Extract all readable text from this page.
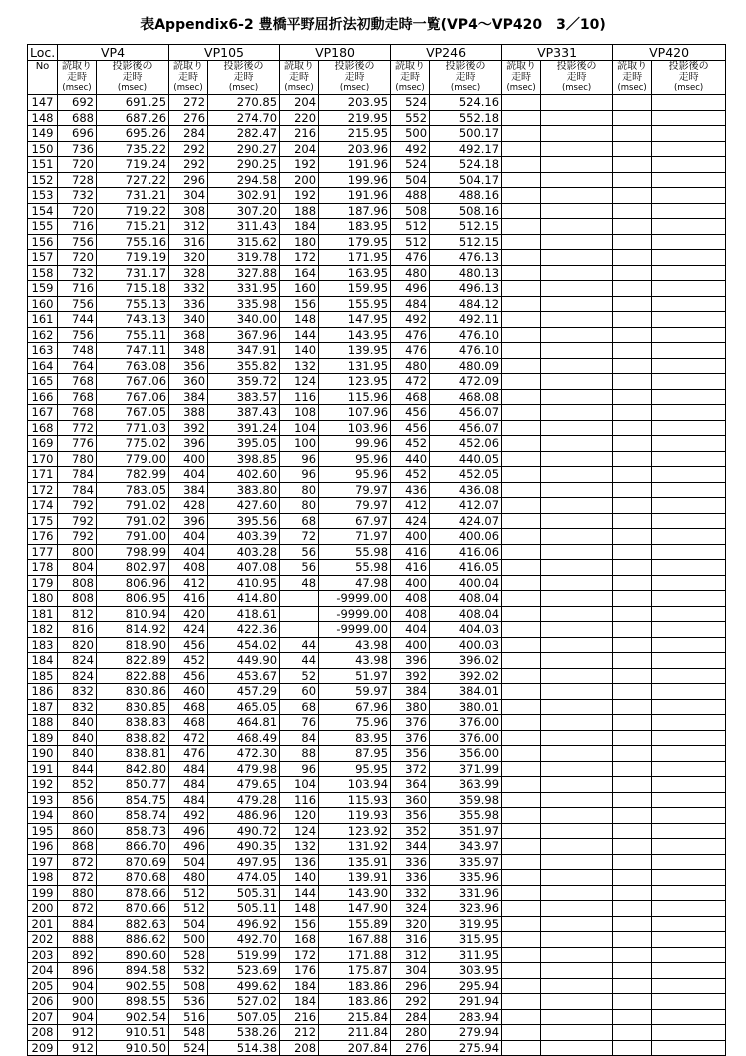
表Appendix6-2 豊橋平野屈折法初動走時一覧(VP4～VP420　3／10)
Loc.	VP4		VP105		VP180		VP246		VP331		VP420	
No	読取り	投影後の	読取り	投影後の	読取り	投影後の	読取り	投影後の	読取り	投影後の	読取り	投影後の
	走時	走時	走時	走時	走時	走時	走時	走時	走時	走時	走時	走時
	(msec)	(msec)	(msec)	(msec)	(msec)	(msec)	(msec)	(msec)	(msec)	(msec)	(msec)	(msec)
147	692	691.25	272	270.85	204	203.95	524	524.16				
148	688	687.26	276	274.70	220	219.95	552	552.18				
149	696	695.26	284	282.47	216	215.95	500	500.17				
150	736	735.22	292	290.27	204	203.96	492	492.17				
151	720	719.24	292	290.25	192	191.96	524	524.18				
152	728	727.22	296	294.58	200	199.96	504	504.17				
153	732	731.21	304	302.91	192	191.96	488	488.16				
154	720	719.22	308	307.20	188	187.96	508	508.16				
155	716	715.21	312	311.43	184	183.95	512	512.15				
156	756	755.16	316	315.62	180	179.95	512	512.15				
157	720	719.19	320	319.78	172	171.95	476	476.13				
158	732	731.17	328	327.88	164	163.95	480	480.13				
159	716	715.18	332	331.95	160	159.95	496	496.13				
160	756	755.13	336	335.98	156	155.95	484	484.12				
161	744	743.13	340	340.00	148	147.95	492	492.11				
162	756	755.11	368	367.96	144	143.95	476	476.10				
163	748	747.11	348	347.91	140	139.95	476	476.10				
164	764	763.08	356	355.82	132	131.95	480	480.09				
165	768	767.06	360	359.72	124	123.95	472	472.09				
166	768	767.06	384	383.57	116	115.96	468	468.08				
167	768	767.05	388	387.43	108	107.96	456	456.07				
168	772	771.03	392	391.24	104	103.96	456	456.07				
169	776	775.02	396	395.05	100	99.96	452	452.06				
170	780	779.00	400	398.85	96	95.96	440	440.05				
171	784	782.99	404	402.60	96	95.96	452	452.05				
172	784	783.05	384	383.80	80	79.97	436	436.08				
174	792	791.02	428	427.60	80	79.97	412	412.07				
175	792	791.02	396	395.56	68	67.97	424	424.07				
176	792	791.00	404	403.39	72	71.97	400	400.06				
177	800	798.99	404	403.28	56	55.98	416	416.06				
178	804	802.97	408	407.08	56	55.98	416	416.05				
179	808	806.96	412	410.95	48	47.98	400	400.04				
180	808	806.95	416	414.80		-9999.00	408	408.04				
181	812	810.94	420	418.61		-9999.00	408	408.04				
182	816	814.92	424	422.36		-9999.00	404	404.03				
183	820	818.90	456	454.02	44	43.98	400	400.03				
184	824	822.89	452	449.90	44	43.98	396	396.02				
185	824	822.88	456	453.67	52	51.97	392	392.02				
186	832	830.86	460	457.29	60	59.97	384	384.01				
187	832	830.85	468	465.05	68	67.96	380	380.01				
188	840	838.83	468	464.81	76	75.96	376	376.00				
189	840	838.82	472	468.49	84	83.95	376	376.00				
190	840	838.81	476	472.30	88	87.95	356	356.00				
191	844	842.80	484	479.98	96	95.95	372	371.99				
192	852	850.77	484	479.65	104	103.94	364	363.99				
193	856	854.75	484	479.28	116	115.93	360	359.98				
194	860	858.74	492	486.96	120	119.93	356	355.98				
195	860	858.73	496	490.72	124	123.92	352	351.97				
196	868	866.70	496	490.35	132	131.92	344	343.97				
197	872	870.69	504	497.95	136	135.91	336	335.97				
198	872	870.68	480	474.05	140	139.91	336	335.96				
199	880	878.66	512	505.31	144	143.90	332	331.96				
200	872	870.66	512	505.11	148	147.90	324	323.96				
201	884	882.63	504	496.92	156	155.89	320	319.95				
202	888	886.62	500	492.70	168	167.88	316	315.95				
203	892	890.60	528	519.99	172	171.88	312	311.95				
204	896	894.58	532	523.69	176	175.87	304	303.95				
205	904	902.55	508	499.62	184	183.86	296	295.94				
206	900	898.55	536	527.02	184	183.86	292	291.94				
207	904	902.54	516	507.05	216	215.84	284	283.94				
208	912	910.51	548	538.26	212	211.84	280	279.94				
209	912	910.50	524	514.38	208	207.84	276	275.94				
